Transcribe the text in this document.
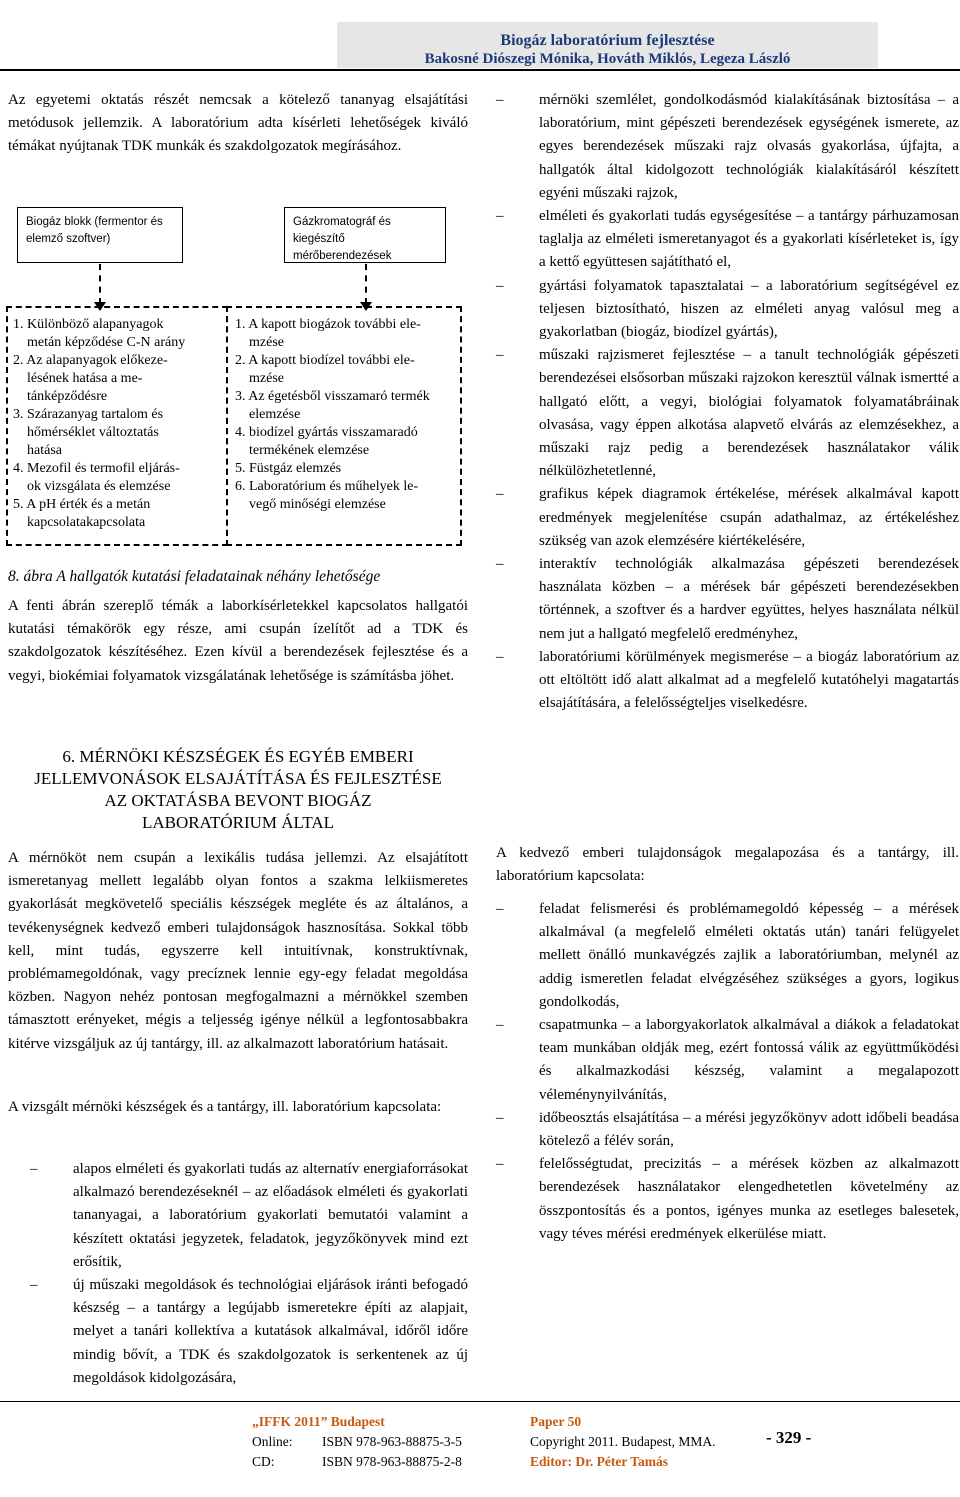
Biogáz laboratórium fejlesztése
Bakosné Diószegi Mónika, Hováth Miklós, Legeza László

Az egyetemi oktatás részét nemcsak a kötelező tananyag elsajátítási metódusok jellemzik. A laboratórium adta kísérleti lehetőségek kiváló témákat nyújtanak TDK munkák és szakdolgozatok megírásához.

Biogáz blokk (fermentor és elemző szoftver)
Gázkromatográf és kiegészítő mérőberendezések
1. Különböző alapanyagok
metán képződése C-N arány
2. Az alapanyagok előkeze-
lésének hatása a me-
tánképződésre
3. Szárazanyag tartalom és
hőmérséklet változtatás
hatása
4. Mezofil és termofil eljárás-
ok vizsgálata és elemzése
5. A pH érték és a metán
kapcsolatakapcsolata
1. A kapott biogázok további ele-
mzése
2. A kapott biodízel további ele-
mzése
3. Az égetésből visszamaró termék
elemzése
4. biodízel gyártás visszamaradó
termékének elemzése
5. Füstgáz elemzés
6. Laboratórium és műhelyek le-
vegő minőségi elemzése
8. ábra A hallgatók kutatási feladatainak néhány lehetősége

A fenti ábrán szereplő témák a laborkísérletekkel kapcsolatos hallgatói kutatási témakörök egy része, ami csupán ízelítőt ad a TDK és szakdolgozatok készítéséhez. Ezen kívül a berendezések fejlesztése és a vegyi, biokémiai folyamatok vizsgálatának lehetősége is számításba jöhet.

6. MÉRNÖKI KÉSZSÉGEK ÉS EGYÉB EMBERI
JELLEMVONÁSOK ELSAJÁTÍTÁSA ÉS FEJLESZTÉSE
AZ OKTATÁSBA BEVONT BIOGÁZ
LABORATÓRIUM ÁLTAL

A mérnököt nem csupán a lexikális tudása jellemzi. Az elsajátított ismeretanyag mellett legalább olyan fontos a szakma lelkiismeretes gyakorlását megkövetelő speciális készségek megléte és az általános, a tevékenységnek kedvező emberi tulajdonságok hasznosítása. Sokkal több kell, mint tudás, egyszerre kell intuitívnak, konstruktívnak, problémamegoldónak, vagy precíznek lennie egy-egy feladat megoldása közben. Nagyon nehéz pontosan megfogalmazni a mérnökkel szemben támasztott erényeket, mégis a teljesség igénye nélkül a legfontosabbakra kitérve vizsgáljuk az új tantárgy, ill. az alkalmazott laboratórium hatásait.

A vizsgált mérnöki készségek és a tantárgy, ill. laboratórium kapcsolata:

– alapos elméleti és gyakorlati tudás az alternatív energiaforrásokat alkalmazó berendezéseknél – az előadások elméleti és gyakorlati tananyagai, a laboratórium gyakorlati bemutatói valamint a készített oktatási jegyzetek, feladatok, jegyzőkönyvek mind ezt erősítik,
– új műszaki megoldások és technológiai eljárások iránti befogadó készség – a tantárgy a legújabb ismeretekre építi az alapjait, melyet a tanári kollektíva a kutatások alkalmával, időről időre mindig bővít, a TDK és szakdolgozatok is serkentenek az új megoldások kidolgozására,
– mérnöki szemlélet, gondolkodásmód kialakításának biztosítása – a laboratórium, mint gépészeti berendezések egységének ismerete, az egyes berendezések műszaki rajz olvasás gyakorlása, újfajta, a hallgatók által kidolgozott technológiák kialakításáról készített egyéni műszaki rajzok,
– elméleti és gyakorlati tudás egységesítése – a tantárgy párhuzamosan taglalja az elméleti ismeretanyagot és a gyakorlati kísérleteket is, így a kettő együttesen sajátítható el,
– gyártási folyamatok tapasztalatai – a laboratórium segítségével ez teljesen biztosítható, hiszen az elméleti anyag valósul meg a gyakorlatban (biogáz, biodízel gyártás),
– műszaki rajzismeret fejlesztése – a tanult technológiák gépészeti berendezései elsősorban műszaki rajzokon keresztül válnak ismertté a hallgató előtt, a vegyi, biológiai folyamatok folyamatábráinak olvasása, vagy éppen alkotása alapvető elvárás az elemzésekhez, a műszaki rajz pedig a berendezések használatakor válik nélkülözhetetlenné,
– grafikus képek diagramok értékelése, mérések alkalmával kapott eredmények megjelenítése csupán adathalmaz, az értékeléshez szükség van azok elemzésére kiértékelésére,
– interaktív technológiák alkalmazása gépészeti berendezések használata közben – a mérések bár gépészeti berendezésekben történnek, a szoftver és a hardver együttes, helyes használata nélkül nem jut a hallgató megfelelő eredményhez,
– laboratóriumi körülmények megismerése – a biogáz laboratórium az ott eltöltött idő alatt alkalmat ad a megfelelő kutatóhelyi magatartás elsajátítására, a felelősségteljes viselkedésre.

A kedvező emberi tulajdonságok megalapozása és a tantárgy, ill. laboratórium kapcsolata:

– feladat felismerési és problémamegoldó képesség – a mérések alkalmával (a megfelelő elméleti oktatás után) tanári felügyelet mellett önálló munkavégzés zajlik a laboratóriumban, melynél az addig ismeretlen feladat elvégzéséhez szükséges a gyors, logikus gondolkodás,
– csapatmunka – a laborgyakorlatok alkalmával a diákok a feladatokat team munkában oldják meg, ezért fontossá válik az együttműködési és alkalmazkodási készség, valamint a megalapozott véleménynyilvánítás,
– időbeosztás elsajátítása – a mérési jegyzőkönyv adott időbeli beadása kötelező a félév során,
– felelősségtudat, precizitás – a mérések közben az alkalmazott berendezések használatakor elengedhetetlen követelmény az összpontosítás és a pontos, igényes munka az esetleges balesetek, vagy téves mérési eredmények elkerülése miatt.
„IFFK 2011” Budapest
Online: ISBN 978-963-88875-3-5
CD:	ISBN 978-963-88875-2-8
Paper 50
Copyright 2011. Budapest, MMA.
Editor: Dr. Péter Tamás
- 329 -
